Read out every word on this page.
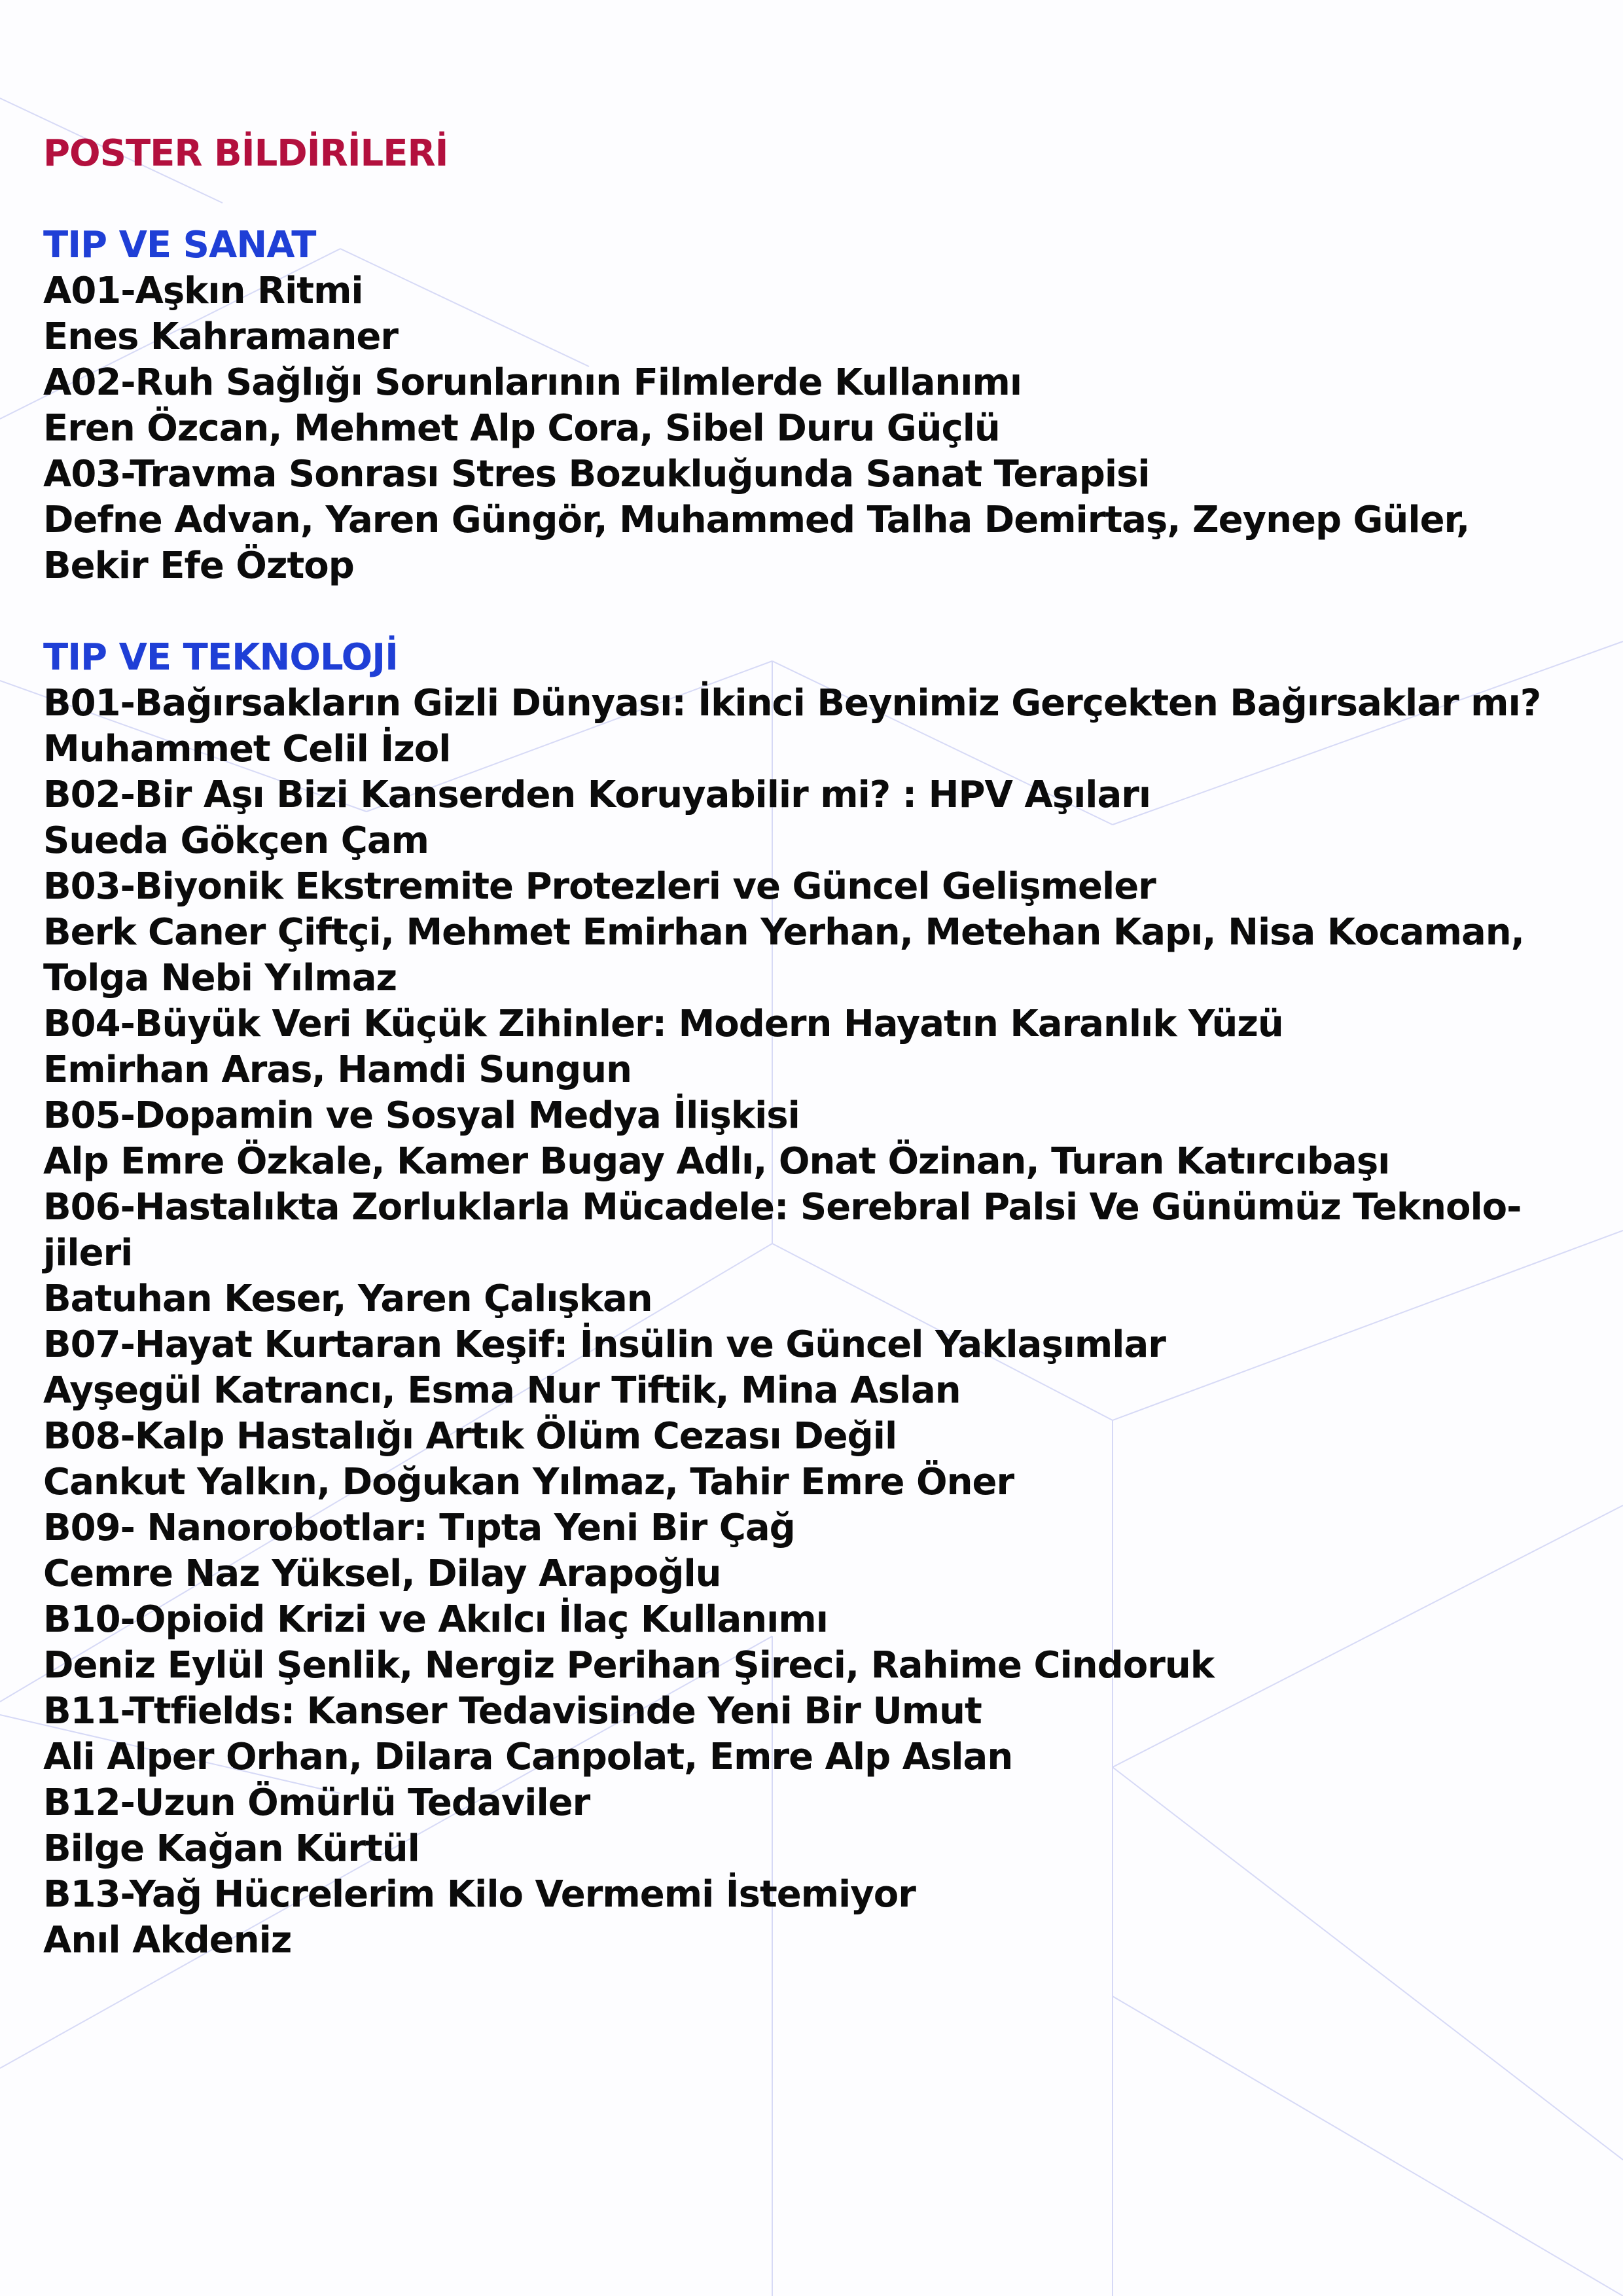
POSTER BİLDİRİLERİ
TIP VE SANAT
A01-Aşkın Ritmi
Enes Kahramaner
A02-Ruh Sağlığı Sorunlarının Filmlerde Kullanımı
Eren Özcan, Mehmet Alp Cora, Sibel Duru Güçlü
A03-Travma Sonrası Stres Bozukluğunda Sanat Terapisi
Defne Advan, Yaren Güngör, Muhammed Talha Demirtaş, Zeynep Güler,
Bekir Efe Öztop
TIP VE TEKNOLOJİ
B01-Bağırsakların Gizli Dünyası: İkinci Beynimiz Gerçekten Bağırsaklar mı?
Muhammet Celil İzol
B02-Bir Aşı Bizi Kanserden Koruyabilir mi? : HPV Aşıları
Sueda Gökçen Çam
B03-Biyonik Ekstremite Protezleri ve Güncel Gelişmeler
Berk Caner Çiftçi, Mehmet Emirhan Yerhan, Metehan Kapı, Nisa Kocaman,
Tolga Nebi Yılmaz
B04-Büyük Veri Küçük Zihinler: Modern Hayatın Karanlık Yüzü
Emirhan Aras, Hamdi Sungun
B05-Dopamin ve Sosyal Medya İlişkisi
Alp Emre Özkale, Kamer Bugay Adlı, Onat Özinan, Turan Katırcıbaşı
B06-Hastalıkta Zorluklarla Mücadele: Serebral Palsi Ve Günümüz Teknolo-
jileri
Batuhan Keser, Yaren Çalışkan
B07-Hayat Kurtaran Keşif: İnsülin ve Güncel Yaklaşımlar
Ayşegül Katrancı, Esma Nur Tiftik, Mina Aslan
B08-Kalp Hastalığı Artık Ölüm Cezası Değil
Cankut Yalkın, Doğukan Yılmaz, Tahir Emre Öner
B09- Nanorobotlar: Tıpta Yeni Bir Çağ
Cemre Naz Yüksel, Dilay Arapoğlu
B10-Opioid Krizi ve Akılcı İlaç Kullanımı
Deniz Eylül Şenlik, Nergiz Perihan Şireci, Rahime Cindoruk
B11-Ttfields: Kanser Tedavisinde Yeni Bir Umut
Ali Alper Orhan, Dilara Canpolat, Emre Alp Aslan
B12-Uzun Ömürlü Tedaviler
Bilge Kağan Kürtül
B13-Yağ Hücrelerim Kilo Vermemi İstemiyor
Anıl Akdeniz
